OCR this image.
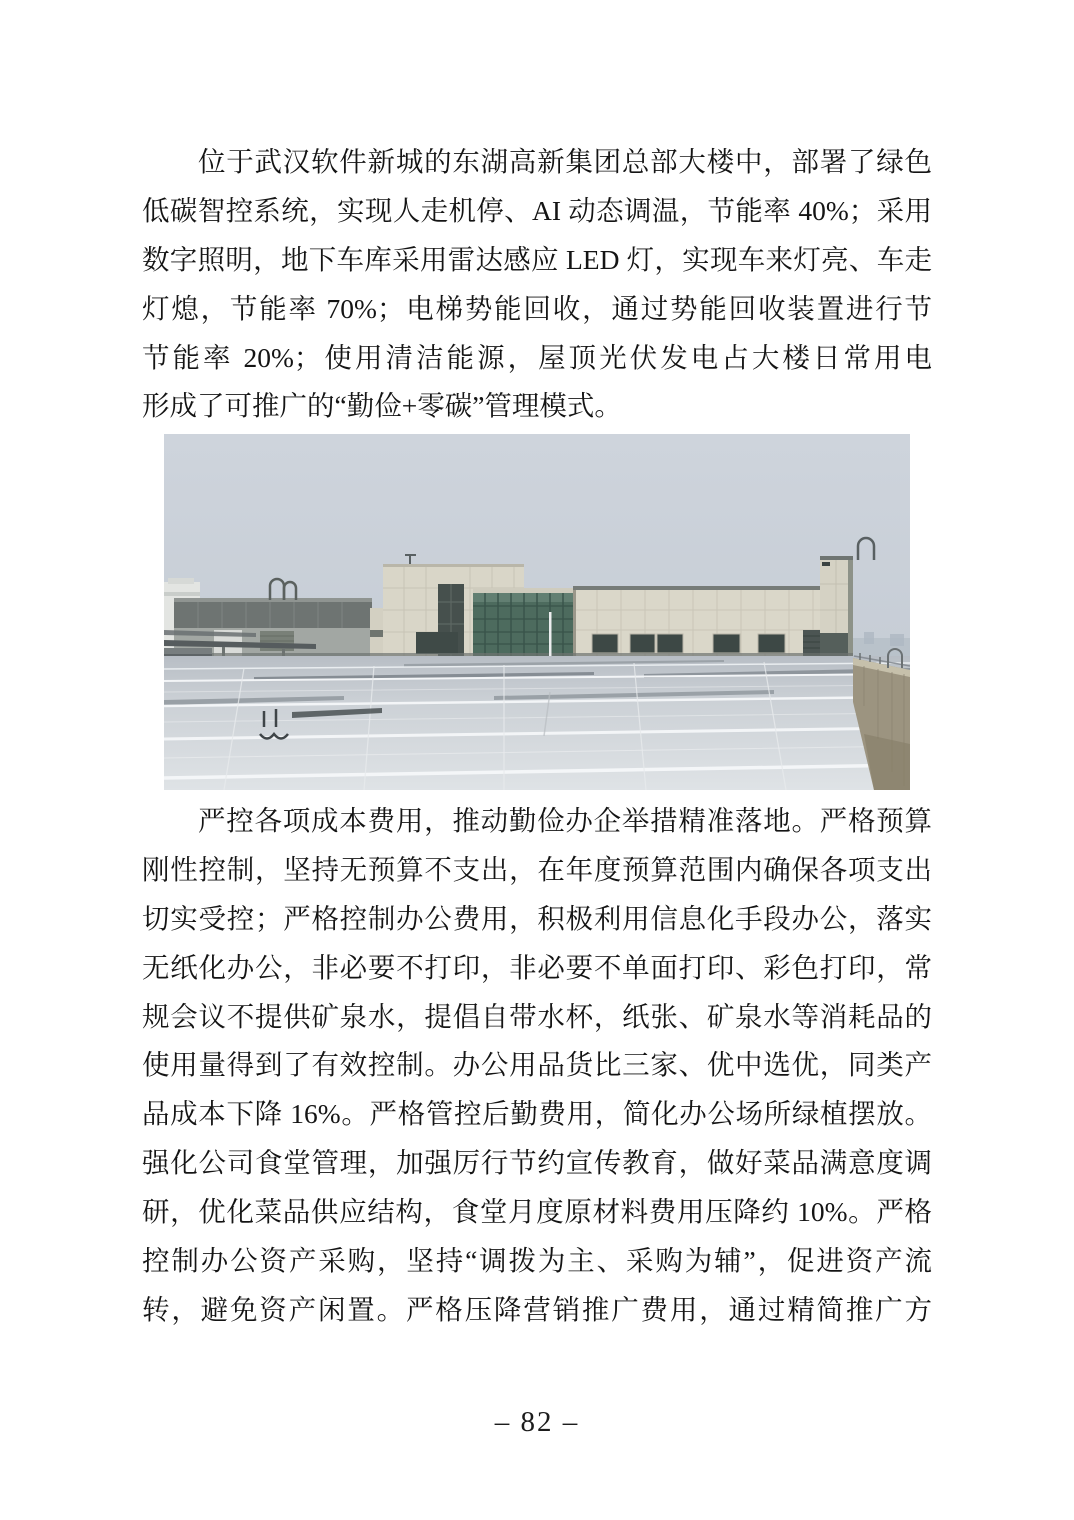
位于武汉软件新城的东湖高新集团总部大楼中，部署了绿色
低碳智控系统，实现人走机停、AI 动态调温，节能率 40%；采用
数字照明，地下车库采用雷达感应 LED 灯，实现车来灯亮、车走
灯熄，节能率 70%；电梯势能回收，通过势能回收装置进行节
节能率 20%；使用清洁能源，屋顶光伏发电占大楼日常用电
形成了可推广的“勤俭+零碳”管理模式。
严控各项成本费用，推动勤俭办企举措精准落地。严格预算
刚性控制，坚持无预算不支出，在年度预算范围内确保各项支出
切实受控；严格控制办公费用，积极利用信息化手段办公，落实
无纸化办公，非必要不打印，非必要不单面打印、彩色打印，常
规会议不提供矿泉水，提倡自带水杯，纸张、矿泉水等消耗品的
使用量得到了有效控制。办公用品货比三家、优中选优，同类产
品成本下降 16%。严格管控后勤费用，简化办公场所绿植摆放。
强化公司食堂管理，加强厉行节约宣传教育，做好菜品满意度调
研，优化菜品供应结构，食堂月度原材料费用压降约 10%。严格
控制办公资产采购，坚持“调拨为主、采购为辅”，促进资产流
转，避免资产闲置。严格压降营销推广费用，通过精简推广方
– 82 –
